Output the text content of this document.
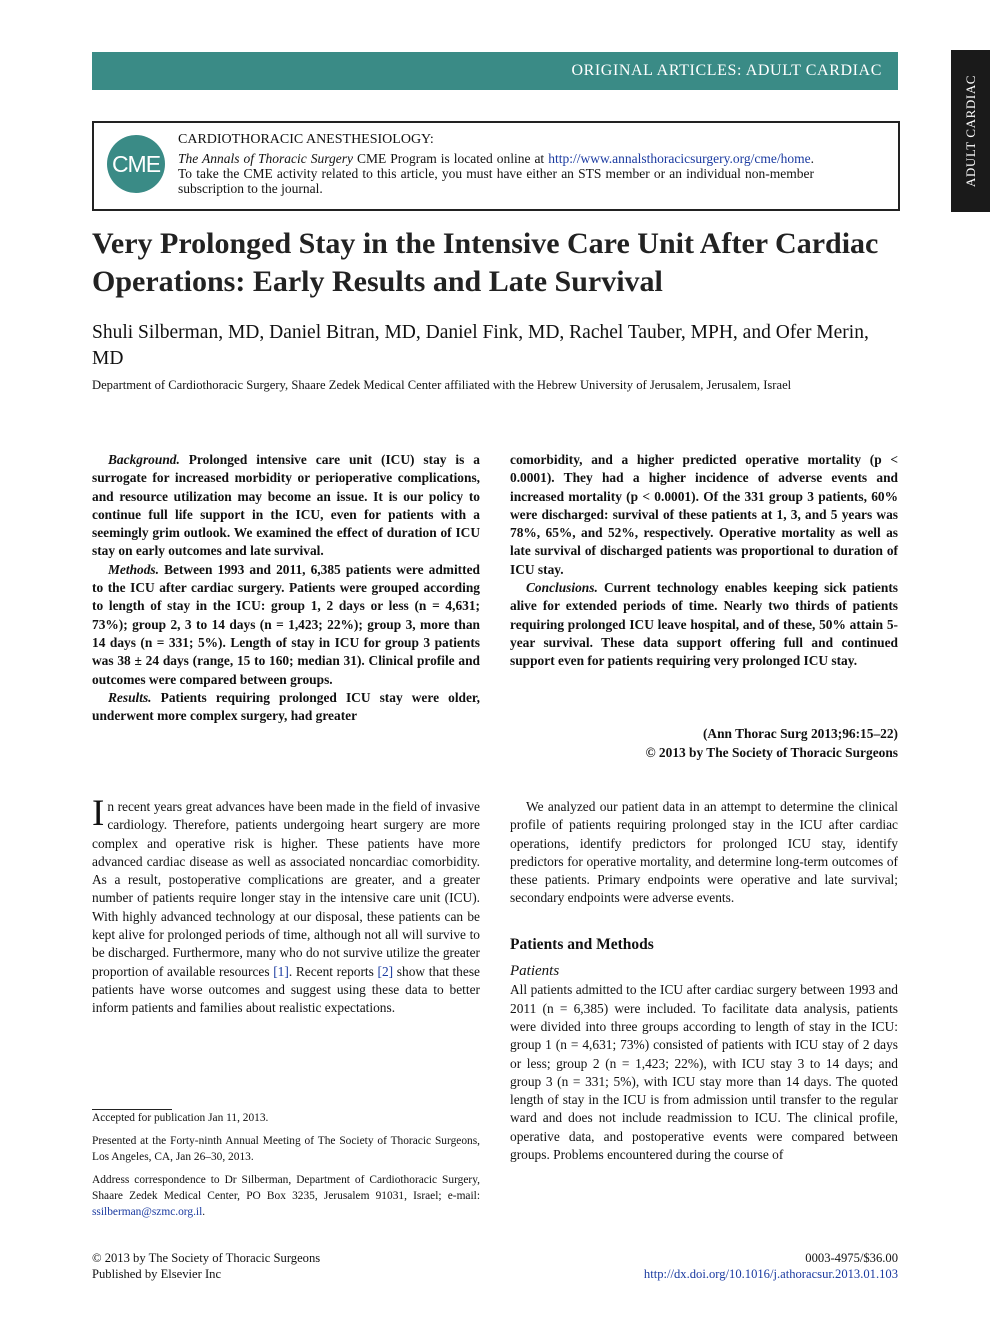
ORIGINAL ARTICLES: ADULT CARDIAC
ADULT CARDIAC
CME
CARDIOTHORACIC ANESTHESIOLOGY:
The Annals of Thoracic Surgery CME Program is located online at http://www.annalsthoracicsurgery.org/cme/home. To take the CME activity related to this article, you must have either an STS member or an individual non-member subscription to the journal.
Very Prolonged Stay in the Intensive Care Unit After Cardiac Operations: Early Results and Late Survival
Shuli Silberman, MD, Daniel Bitran, MD, Daniel Fink, MD, Rachel Tauber, MPH, and Ofer Merin, MD
Department of Cardiothoracic Surgery, Shaare Zedek Medical Center affiliated with the Hebrew University of Jerusalem, Jerusalem, Israel

Background. Prolonged intensive care unit (ICU) stay is a surrogate for increased morbidity or perioperative complications, and resource utilization may become an issue. It is our policy to continue full life support in the ICU, even for patients with a seemingly grim outlook. We examined the effect of duration of ICU stay on early outcomes and late survival.

Methods. Between 1993 and 2011, 6,385 patients were admitted to the ICU after cardiac surgery. Patients were grouped according to length of stay in the ICU: group 1, 2 days or less (n = 4,631; 73%); group 2, 3 to 14 days (n = 1,423; 22%); group 3, more than 14 days (n = 331; 5%). Length of stay in ICU for group 3 patients was 38 ± 24 days (range, 15 to 160; median 31). Clinical profile and outcomes were compared between groups.

Results. Patients requiring prolonged ICU stay were older, underwent more complex surgery, had greater

comorbidity, and a higher predicted operative mortality (p < 0.0001). They had a higher incidence of adverse events and increased mortality (p < 0.0001). Of the 331 group 3 patients, 60% were discharged: survival of these patients at 1, 3, and 5 years was 78%, 65%, and 52%, respectively. Operative mortality as well as late survival of discharged patients was proportional to duration of ICU stay.

Conclusions. Current technology enables keeping sick patients alive for extended periods of time. Nearly two thirds of patients requiring prolonged ICU leave hospital, and of these, 50% attain 5-year survival. These data support offering full and continued support even for patients requiring very prolonged ICU stay.

(Ann Thorac Surg 2013;96:15–22)
© 2013 by The Society of Thoracic Surgeons

In recent years great advances have been made in the field of invasive cardiology. Therefore, patients undergoing heart surgery are more complex and operative risk is higher. These patients have more advanced cardiac disease as well as associated noncardiac comorbidity. As a result, postoperative complications are greater, and a greater number of patients require longer stay in the intensive care unit (ICU). With highly advanced technology at our disposal, these patients can be kept alive for prolonged periods of time, although not all will survive to be discharged. Furthermore, many who do not survive utilize the greater proportion of available resources [1]. Recent reports [2] show that these patients have worse outcomes and suggest using these data to better inform patients and families about realistic expectations.

Accepted for publication Jan 11, 2013.

Presented at the Forty-ninth Annual Meeting of The Society of Thoracic Surgeons, Los Angeles, CA, Jan 26–30, 2013.

Address correspondence to Dr Silberman, Department of Cardiothoracic Surgery, Shaare Zedek Medical Center, PO Box 3235, Jerusalem 91031, Israel; e-mail: ssilberman@szmc.org.il.

We analyzed our patient data in an attempt to determine the clinical profile of patients requiring prolonged stay in the ICU after cardiac operations, identify predictors for prolonged ICU stay, identify predictors for operative mortality, and determine long-term outcomes of these patients. Primary endpoints were operative and late survival; secondary endpoints were adverse events.

Patients and Methods
Patients

All patients admitted to the ICU after cardiac surgery between 1993 and 2011 (n = 6,385) were included. To facilitate data analysis, patients were divided into three groups according to length of stay in the ICU: group 1 (n = 4,631; 73%) consisted of patients with ICU stay of 2 days or less; group 2 (n = 1,423; 22%), with ICU stay 3 to 14 days; and group 3 (n = 331; 5%), with ICU stay more than 14 days. The quoted length of stay in the ICU is from admission until transfer to the regular ward and does not include readmission to ICU. The clinical profile, operative data, and postoperative events were compared between groups. Problems encountered during the course of

© 2013 by The Society of Thoracic Surgeons
Published by Elsevier Inc
0003-4975/$36.00
http://dx.doi.org/10.1016/j.athoracsur.2013.01.103
